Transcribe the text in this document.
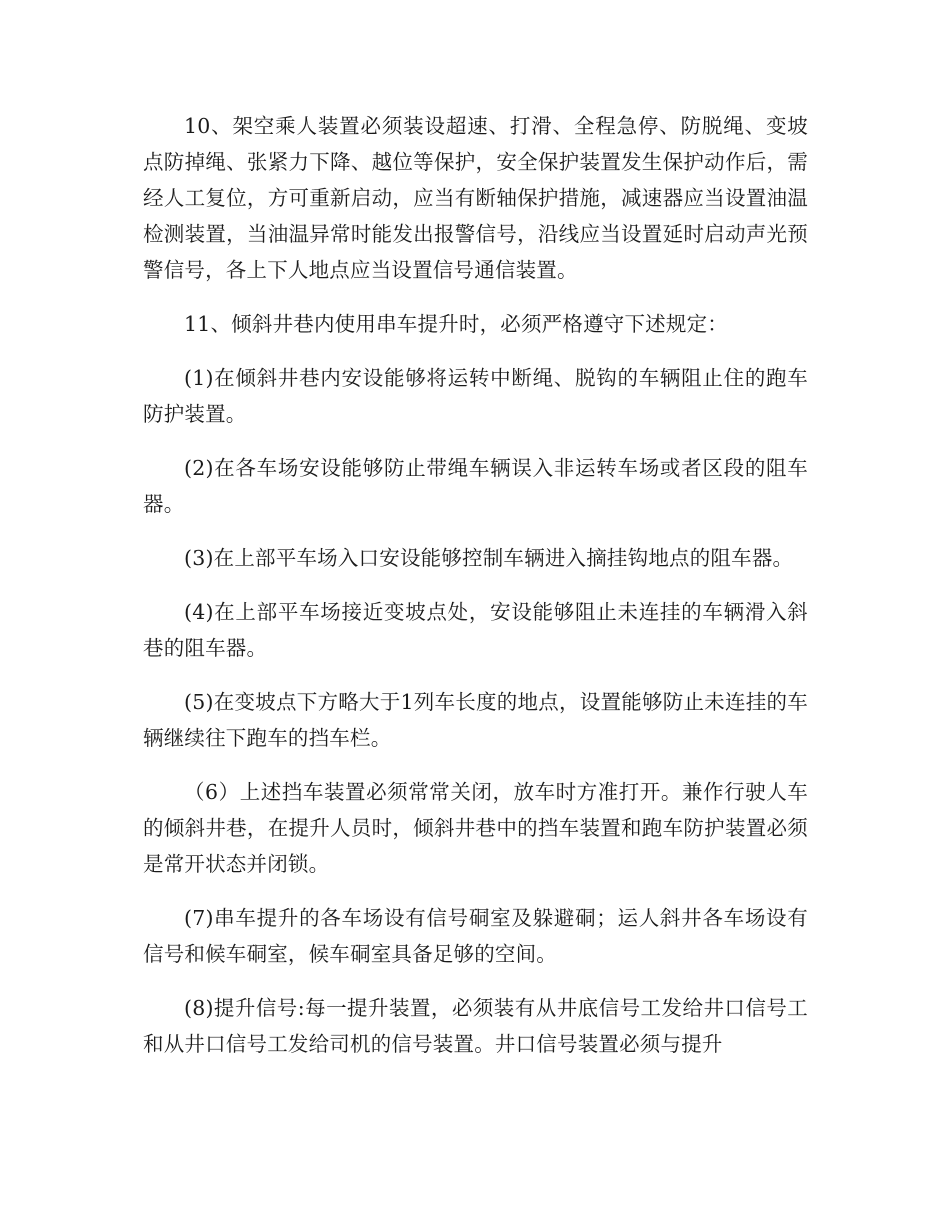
10、架空乘人装置必须装设超速、打滑、全程急停、防脱绳、变坡点防掉绳、张紧力下降、越位等保护，安全保护装置发生保护动作后，需经人工复位，方可重新启动，应当有断轴保护措施，减速器应当设置油温检测装置，当油温异常时能发出报警信号，沿线应当设置延时启动声光预警信号，各上下人地点应当设置信号通信装置。

11、倾斜井巷内使用串车提升时，必须严格遵守下述规定：

(1)在倾斜井巷内安设能够将运转中断绳、脱钩的车辆阻止住的跑车防护装置。

(2)在各车场安设能够防止带绳车辆误入非运转车场或者区段的阻车器。

(3)在上部平车场入口安设能够控制车辆进入摘挂钩地点的阻车器。

(4)在上部平车场接近变坡点处，安设能够阻止未连挂的车辆滑入斜巷的阻车器。

(5)在变坡点下方略大于1列车长度的地点，设置能够防止未连挂的车辆继续往下跑车的挡车栏。

（6）上述挡车装置必须常常关闭，放车时方准打开。兼作行驶人车的倾斜井巷，在提升人员时，倾斜井巷中的挡车装置和跑车防护装置必须是常开状态并闭锁。

(7)串车提升的各车场设有信号硐室及躲避硐；运人斜井各车场设有信号和候车硐室，候车硐室具备足够的空间。

(8)提升信号:每一提升装置，必须装有从井底信号工发给井口信号工和从井口信号工发给司机的信号装置。井口信号装置必须与提升
